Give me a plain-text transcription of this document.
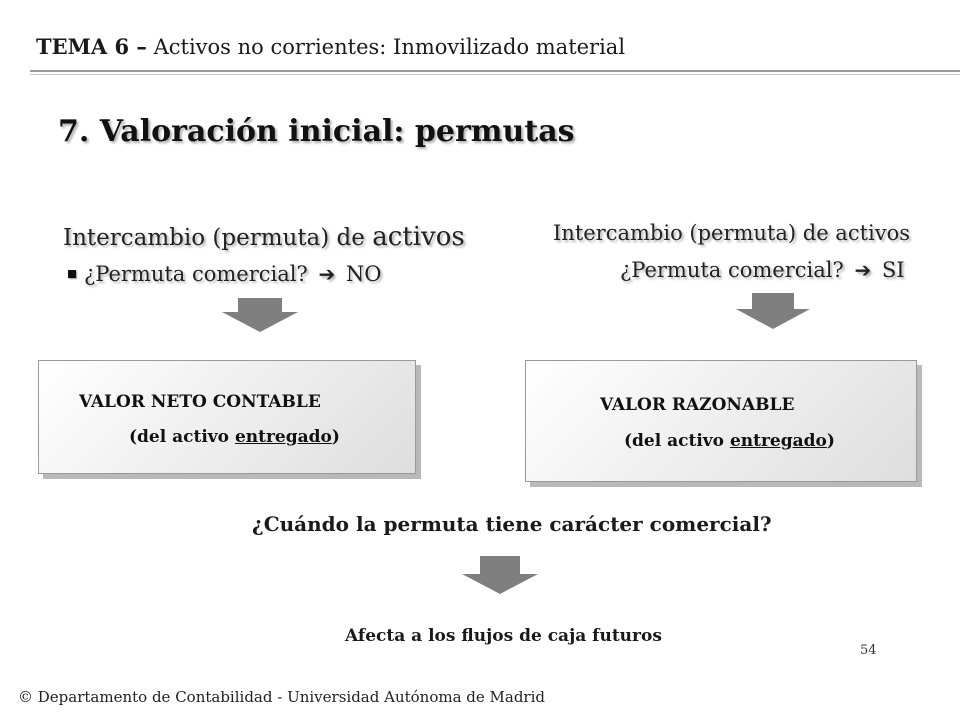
TEMA 6 – Activos no corrientes: Inmovilizado material
7. Valoración inicial: permutas
Intercambio (permuta) de activos
¿Permuta comercial? ➔ NO
VALOR NETO CONTABLE
(del activo entregado)
Intercambio (permuta) de activos
¿Permuta comercial? ➔ SI
VALOR RAZONABLE
(del activo entregado)
¿Cuándo la permuta tiene carácter comercial?
Afecta a los flujos de caja futuros
54
© Departamento de Contabilidad - Universidad Autónoma de Madrid
